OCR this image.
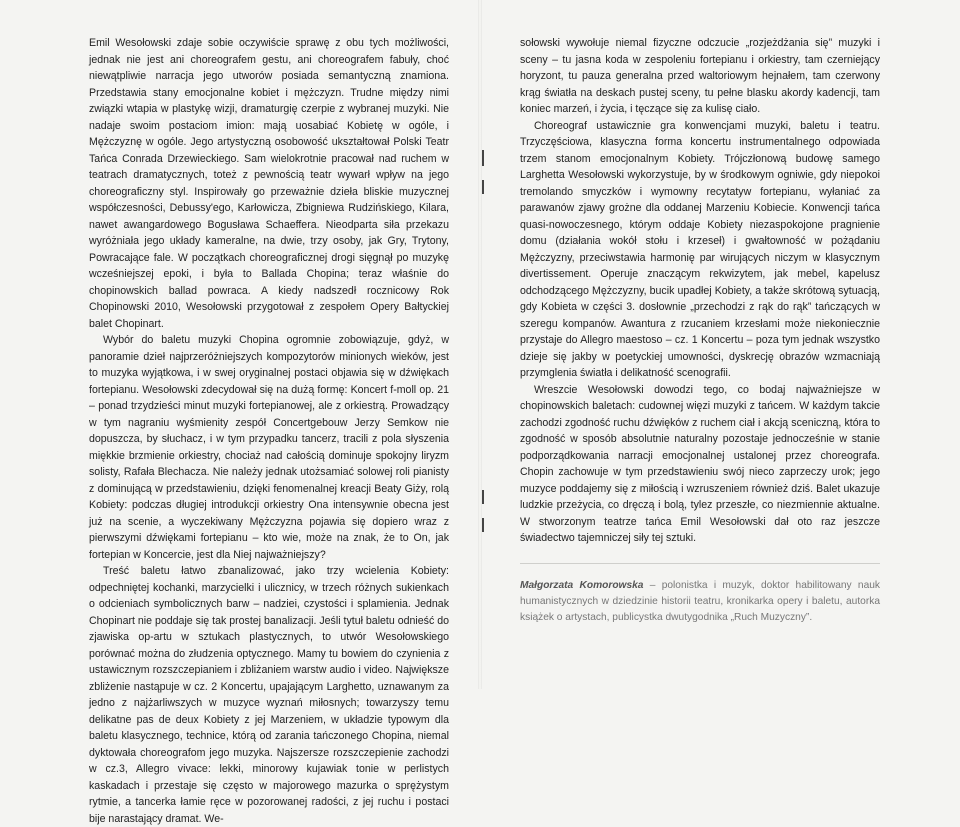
Emil Wesołowski zdaje sobie oczywiście sprawę z obu tych możliwości, jednak nie jest ani choreografem gestu, ani choreografem fabuły, choć niewątpliwie narracja jego utworów posiada semantyczną znamiona. Przedstawia stany emocjonalne kobiet i mężczyzn. Trudne między nimi związki wtapia w plastykę wizji, dramaturgię czerpie z wybranej muzyki. Nie nadaje swoim postaciom imion: mają uosabiać Kobietę w ogóle, i Mężczyznę w ogóle. Jego artystyczną osobowość ukształtował Polski Teatr Tańca Conrada Drzewieckiego. Sam wielokrotnie pracował nad ruchem w teatrach dramatycznych, toteż z pewnością teatr wywarł wpływ na jego choreograficzny styl. Inspirowały go przeważnie dzieła bliskie muzycznej współczesności, Debussy'ego, Karłowicza, Zbigniewa Rudzińskiego, Kilara, nawet awangardowego Bogusława Schaeffera. Nieodparta siła przekazu wyróżniała jego układy kameralne, na dwie, trzy osoby, jak Gry, Trytony, Powracające fale. W początkach choreograficznej drogi sięgnął po muzykę wcześniejszej epoki, i była to Ballada Chopina; teraz właśnie do chopinowskich ballad powraca. A kiedy nadszedł rocznicowy Rok Chopinowski 2010, Wesołowski przygotował z zespołem Opery Bałtyckiej balet Chopinart.

Wybór do baletu muzyki Chopina ogromnie zobowiązuje, gdyż, w panoramie dzieł najprzeróżniejszych kompozytorów minionych wieków, jest to muzyka wyjątkowa, i w swej oryginalnej postaci objawia się w dźwiękach fortepianu. Wesołowski zdecydował się na dużą formę: Koncert f-moll op. 21 – ponad trzydzieści minut muzyki fortepianowej, ale z orkiestrą. Prowadzący w tym nagraniu wyśmienity zespół Concertgebouw Jerzy Semkow nie dopuszcza, by słuchacz, i w tym przypadku tancerz, tracili z pola słyszenia miękkie brzmienie orkiestry, chociaż nad całością dominuje spokojny liryzm solisty, Rafała Blechacza. Nie należy jednak utożsamiać solowej roli pianisty z dominującą w przedstawieniu, dzięki fenomenalnej kreacji Beaty Giży, rolą Kobiety: podczas długiej introdukcji orkiestry Ona intensywnie obecna jest już na scenie, a wyczekiwany Mężczyzna pojawia się dopiero wraz z pierwszymi dźwiękami fortepianu – kto wie, może na znak, że to On, jak fortepian w Koncercie, jest dla Niej najważniejszy?

Treść baletu łatwo zbanalizować, jako trzy wcielenia Kobiety: odpechniętej kochanki, marzycielki i uliczniсy, w trzech różnych sukienkach o odcieniach symbolicznych barw – nadziei, czystości i splamienia. Jednak Chopinart nie poddaje się tak prostej banalizacji. Jeśli tytuł baletu odnieść do zjawiska op-artu w sztukach plastycznych, to utwór Wesołowskiego porównać można do złudzenia optycznego. Mamy tu bowiem do czynienia z ustawicznym rozszczepianiem i zbliżaniem warstw audio i video. Największe zbliżenie nastąpuje w cz. 2 Koncertu, upajającym Larghetto, uznawanym za jedno z najżarliwszych w muzyce wyznań miłosnych; towarzyszy temu delikatne pas de deux Kobiety z jej Marzeniem, w układzie typowym dla baletu klasycznego, technice, którą od zarania tańczonego Chopina, niemal dyktowała choreografom jego muzyka. Najszersze rozszczepienie zachodzi w cz.3, Allegro vivace: lekki, minorowy kujawiak tonie w perlistych kaskadach i przestaje się często w majorowego mazurka o sprężystym rytmie, a tancerka łamie ręce w pozorowanej radości, z jej ruchu i postaci bije narastający dramat. We-

sołowski wywołuje niemal fizyczne odczucie „rozjeżdżania się” muzyki i sceny – tu jasna koda w zespoleniu fortepianu i orkiestry, tam czerniejący horyzont, tu pauza generalna przed waltoriowym hejnałem, tam czerwony krąg światła na deskach pustej sceny, tu pełne blasku akordy kadencji, tam koniec marzeń, i życia, i tęczące się za kulisę ciało.

Choreograf ustawicznie gra konwencjami muzyki, baletu i teatru. Trzyczęściowa, klasyczna forma koncertu instrumentalnego odpowiada trzem stanom emocjonalnym Kobiety. Trójczłonową budowę samego Larghetta Wesołowski wykorzystuje, by w środkowym ogniwie, gdy niepokoi tremolando smyczków i wymowny recytatyw fortepianu, wyłaniać za parawanów zjawy grożne dla oddanej Marzeniu Kobiecie. Konwencji tańca quasi-nowoczesnego, którym oddaje Kobiety niezaspokojone pragnienie domu (działania wokół stołu i krzeseł) i gwałtowność w pożądaniu Mężczyzny, przeciwstawia harmonię par wirujących niczym w klasycznym divertissement. Operuje znaczącym rekwizytem, jak mebel, kapelusz odchodzącego Mężczyzny, bucik upadłej Kobiety, a także skrótową sytuacją, gdy Kobieta w części 3. dosłownie „przechodzi z rąk do rąk” tańczących w szeregu kompanów. Awantura z rzucaniem krzesłami może niekoniecznie przystaje do Allegro maestoso – cz. 1 Koncertu – poza tym jednak wszystko dzieje się jakby w poetyckiej umowności, dyskrecję obrazów wzmacniają przymglenia światła i delikatność scenografii.

Wreszcie Wesołowski dowodzi tego, co bodaj najważniejsze w chopinowskich baletach: cudownej więzi muzyki z tańcem. W każdym takcie zachodzi zgodność ruchu dźwięków z ruchem ciał i akcją sceniczną, która to zgodność w sposób absolutnie naturalny pozostaje jednocześnie w stanie podporządkowania narracji emocjonalnej ustalonej przez choreografa. Chopin zachowuje w tym przedstawieniu swój nieco zaprzeczy urok; jego muzyce poddajemy się z miłością i wzruszeniem również dziś. Balet ukazuje ludzkie przeżycia, co dręczą i bolą, tylez przeszłe, co niezmiennie aktualne. W stworzonym teatrze tańca Emil Wesołowski dał oto raz jeszcze świadectwo tajemniczej siły tej sztuki.

Małgorzata Komorowska – polonistka i muzyk, doktor habilitowany nauk humanistycznych w dziedzinie historii teatru, kronikarka opery i baletu, autorka książek o artystach, publicystka dwutygodnika „Ruch Muzyczny”.
